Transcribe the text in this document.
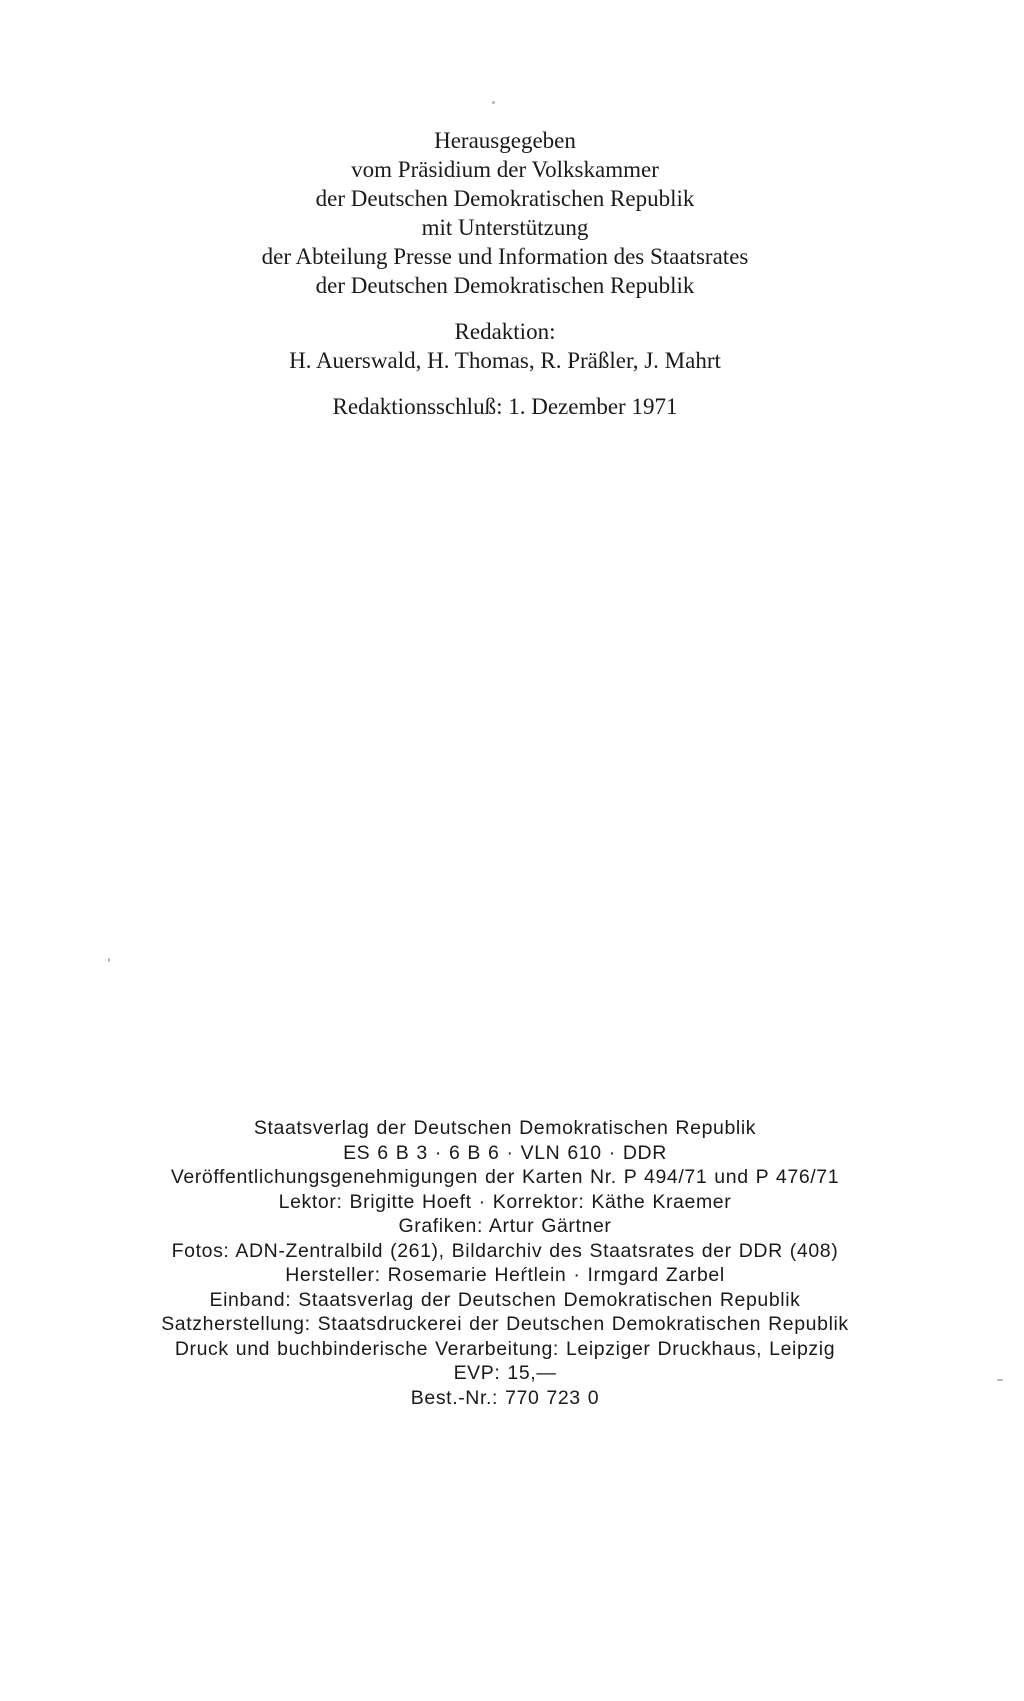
Herausgegeben
vom Präsidium der Volkskammer
der Deutschen Demokratischen Republik
mit Unterstützung
der Abteilung Presse und Information des Staatsrates
der Deutschen Demokratischen Republik
Redaktion:
H. Auerswald, H. Thomas, R. Präßler, J. Mahrt
Redaktionsschluß: 1. Dezember 1971
Staatsverlag der Deutschen Demokratischen Republik
ES 6 B 3 · 6 B 6 · VLN 610 · DDR
Veröffentlichungsgenehmigungen der Karten Nr. P 494/71 und P 476/71
Lektor: Brigitte Hoeft · Korrektor: Käthe Kraemer
Grafiken: Artur Gärtner
Fotos: ADN-Zentralbild (261), Bildarchiv des Staatsrates der DDR (408)
Hersteller: Rosemarie Heŕtlein · Irmgard Zarbel
Einband: Staatsverlag der Deutschen Demokratischen Republik
Satzherstellung: Staatsdruckerei der Deutschen Demokratischen Republik
Druck und buchbinderische Verarbeitung: Leipziger Druckhaus, Leipzig
EVP: 15,—
Best.-Nr.: 770 723 0
